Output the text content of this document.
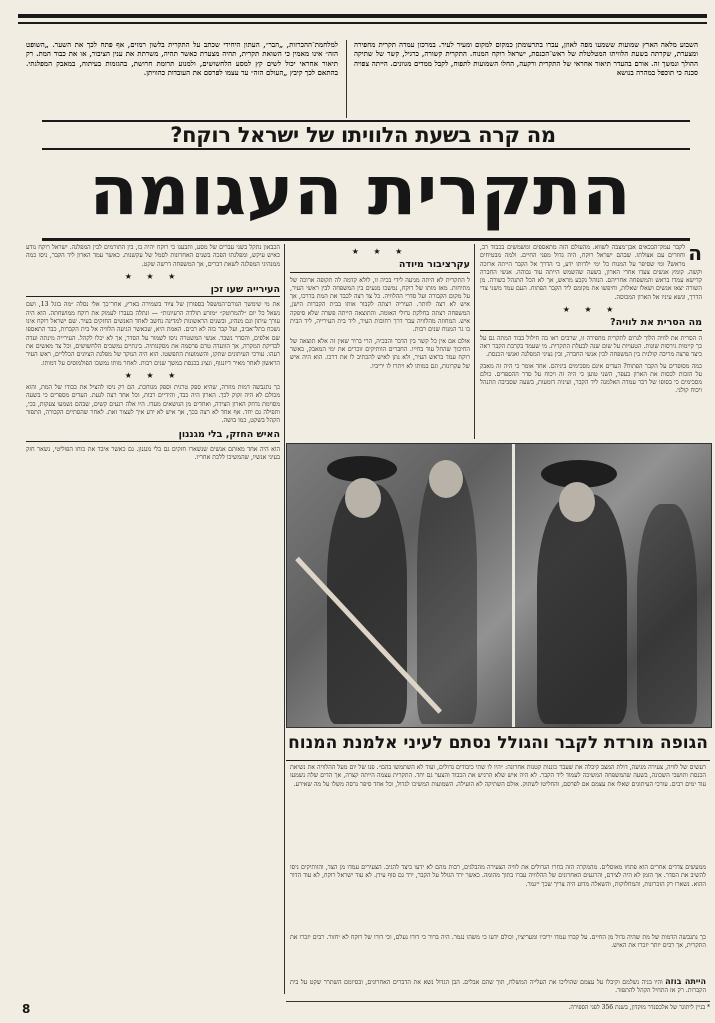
למלחמת־ההכרזות, „הבר״, העתון היחידי שכתב על התקרית בלשון רמזים, אף פתח לכך את השער. „השופט הזה״ אינו מאמין כי השואת תקרית, תהיה מצערת כאשר תהיה, משרתת את ענין הציבור, או את כבוד המת. רק תיאור אחראי יכול לשים קץ למסע הלחשושים, ולמנוע תרומת חרושת, בהגזמות בעיתוח, במאבק המפלגתי. בהתאם לכך קיבץ „העולם הזה״ עד עצמו לפרסם את העובדות כהוויתן.
השבוע מלאה הארץ שמועות ששמעו מפה לאוזן, עברו בתרעומתן כמקום למקום ומעיר לעיר. במרכזן עמדה תקרית מחפירה ומצערת, שקרתה בשעת הלוויתו המטלטלת של ראש־הכנסת, ישראל רוקח המנוח. התקרית קשורה, כרגיל, קשר של שתיקה ההולך ונמשך זה. אורם בהעדר תיאור אחראי של התקרית ורקעה, החלו השמועות לתפוח, לקבל ממדים מגוונים. הייתה צפויה סכנה כי תוכפל במהרה בנושא
מה קרה בשעת הלוויתו של ישראל רוקח?
התקרית העגומה
ה
לקבר עמק־הבכאים אבן־מצבה לשווא. מהעולם הזה מתאספים ומשמשים בכבוד רב, וחוזרים עם אצולתו. שבהם ישראל רוקח, היה גדול מפני החיים. ולמה מבטיחים מראש? ומי שסיפר על המנוח כל ימי ילדותו ידע, כי הדרך אל הקבר הייתה ארוכה וקשה. קומץ אנשים צעדו אחרי הארון, בשעה שהשמש הייתה עוד גבוהה. אנשי החברה קדישא עמדו בראש והמשפחה אחריהם. הנוהל נקבע מראש, אך לא הכל התנהל כשורה. מן השורה יצאו אנשים ושאלו שאלות, וחיפשו את מקומם ליד הקבר הפתוח. העם עמד משני צדי הדרך, ונשא עיניו אל הארון המכוסה.
★ ★ ★
מה הסרית את לוויה?
ה הסרית את לוויה הלוך לגרום לתקרית מחפירה זו, שרבים ראו בה חילול כבוד המתה גם על כך קיימות גירסות שונות. הטעויות על שום שנה לבעלת התקרית. מי שעמד בקרבת הקבר ראה כיצד פרצה מריבה קולנית בין המשפחה לבין אנשי החברה, ובין נציגי המפלגה ואנשי הכנסת.
כמה מסופרים על הקבר הפתוח? העדים אינם מסכימים ביניהם. אחד אומר כי היה זה מאבק על הזכות לכסות את הארון בעפר, השני טוען כי היה זה ויכוח על סדר ההספדים. כולם מסכימים כי בסופו של דבר עמדה האלמנה ליד הקבר, ועיניה דומעות, בשעה שסביבה התנהל ויכוח קולני.
★ ★ ★
עקרציבור מיודה
ל התקרית לא היתה מגיעה לידי בכיה זו, לולא קדמה לה תקופה ארוכה של מתיחות. מאז מותו של רוקח, נמשכו מגעים בין המשפחה לבין ראשי העיר, על מקום הקבורה ועל סדרי ההלוויה. כל צד רצה לכבד את המת בדרכו, אך איש לא רצה לוותר. העיריה רצתה לקבור אותו בבית הקברות הישן, המשפחה רצתה בחלקת גדולי האומה. והתוצאה הייתה פשרה שלא סיפקה איש. המחוזה מהלוויה עבר דרך רחובות העיר, ליד בית העירייה, ליד הבית בו גר המנוח שנים רבות.
אולם אם אין כל קשר בין הדבר והבכיה, הרי ברור שאין זה אלא תוצאה של החיכוך שהחל עוד בחייו. החברים הוותיקים זוכרים את ימי המאבק, כאשר רוקח עמד בראש העיר, ולא נתן לאיש להכתיב לו את דרכו. הוא היה איש של עקרונות, וגם במותו לא ויתרו לו יריביו.
הכבאון נתקל בשני עברים של מסע, ותבענו כי רוקח יהיה בו, בין התורמים לבין המפלגה. ישראל רוקח נודע כאיש עיקש, ומפלגתו הפכה בשנים האחרונות לסמל של עקשנות. כאשר עמד הארון ליד הקבר, ניסו כמה ממנהיגי המפלגה לשאת דברים, אך המשפחה דרשה שקט.
★ ★ ★
העירייה שעו זכן
את מי שימשך הגורם־המשפל בספורון של ציוד בשמירה בארץ, אחר־כך אלי נסלה ״מה בוגל 13, ושם נשאל כל יום ״להמרוטק״ ״מזרע תולדה הרעיונות״ — ונתלה בעברו לעמוק את רוקח ממושחתה. הוא היה עורך עיתון וגם מנהיג, ובשנים הראשונות למדינה נחשב לאחד האנשים החזקים בעיר. שם ישראל רוקח אינו נשכח בתל־אביב, ועל קבר כזה לא רבים. האמת היא, שכאשר הגיעה הלוויה אל בית הקברות, כבר התאספו שם אלפים, והסדר נשבר. אנשי המשטרה ניסו לשמור על הסדר, אך לא יכלו לקהל. העירייה מינתה ועדה לבדיקת המקרה, אך הוועדה טרם פרסמה את מסקנותיה. בינתיים נמשכים הלחשושים, וכל צד מאשים את רעהו. עורכי העיתונים שתקו, והשמועות התפשטו. הוא היה הנוקד של מפלגת הציונים הכלליים, ראש העיר הראשון לאחר מאיר דיזנגוף, ונציג בכנסת במשך שנים רבות. לאחר מותו נמשכו הפולמוסים על דמותו.
★ ★ ★
כך נתגבשה דמות מוזרה, שהיא ספק טרגית וספק מגוחכת. הם רק ניסו להציל את כבודו של המת, והוא מכולם לא היה זקוק לכך. הארון היה כבד, והידיים רבות, וכל אחד רצה לגעת. העדים מספרים כי בשעה מסוימת נדחק הארון הצידה, ואחדים מן הנושאים מעדו. היו אלה רגעים קשים, שבהם נשמעו צעקות, בכי, ותפילה גם יחד. אף אחד לא רצה בכך, אך איש לא ידע איך לעצור זאת. לאחר שהסתיים הקבורה, התפזר הקהל בשקט, כמו בושה.
האיש החזק, בלי מגננון
הוא היה אחד מאותם אנשים שנשארו חזקים גם בלי מנגנון. גם כאשר איבד את כוחו הפוליטי, נשאר חזק בעיני אנשיו, שהמשיכו ללכת אחריו.
הגופה מורדת לקבר והגולל נסתם לעיני אלמנת המנוח
רעשים של לוויה, צעירה מגיעה, דולת המצב קיבלה את שעבר כוננות קטנות אחרונה: ״היו לו שתי כיבודים גדולים, ועוד לא השתמשו בהם״. פנו של יום מעל ההלוויה את נשיאת הכנסת ותושבי השכונה, בשעה שהמשפחה המשיכה לעמוד ליד הקבר. לא היה איש שלא הרגיש את הכבוד והצער גם יחד. התקרית עצמה הייתה קצרה, אך הדים שלה נשמעו עוד ימים רבים. עורכי העיתונים שאלו את עצמם אם לפרסם, והחליטו לשתוק. אולם השתיקה לא הועילה. השמועות המשיכו לגדול, וכל אחד סיפר גרסה משלו על מה שאירע.
ממעשים צדדים אחרים הוא פתחו מאוסלים. מהמקרה הזה בחרו הגדולים את לוויה הצעירה מהבלגים, רבות מהם לא ידעו כיצד להגיב. הצעירים עמדו מן הצד, והוותיקים ניסו להשיב את הסדר. אך הזמן לא היה לצידם, והרגעים האחרונים של ההלוויה עברו בתוך מהומה. כאשר ירד הגולל על הקבר, ירד גם סוף עידן. לא עוד ישראל רוקח, לא עוד הדור ההוא. נשארו רק הזכרונות, והמחלוקות, והשאלה מדוע היה צריך שכך ייגמר.
כך נתגבשה הדמות של מת שהיה גדול מן החיים. על קברו עמדו יריביו ומעריציו, וכולם ידעו כי משהו נגמר. היה ברור כי דורו נעלם, וכי דורו של רוקח לא יחזור. רבים יזכרו את התקרית, אך רבים יותר יזכרו את האיש.
הייתה בוזה והיו בניה נשלמם וקיבלו על עצמם שהוליכו את העלייה המשלח, תוך שהם אבלים. הבן הגדול נשא את הדברים האחרונים, ובסיומם השתרר שקט על בית הקברות. רק אז התחיל הקהל להתפזר.
* בניין ליתוגר של אלכסנדר מוקדון, בשנת 356 לפני הספירה.
8
